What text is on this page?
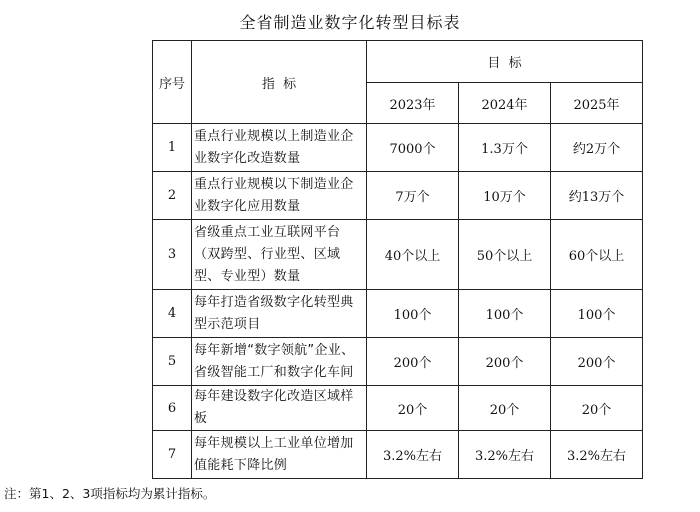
全省制造业数字化转型目标表
序号	指  标	目  标		
		2023年	2024年	2025年
1	重点行业规模以上制造业企业数字化改造数量	7000个	1.3万个	约2万个
2	重点行业规模以下制造业企业数字化应用数量	7万个	10万个	约13万个
3	省级重点工业互联网平台（双跨型、行业型、区域型、专业型）数量	40个以上	50个以上	60个以上
4	每年打造省级数字化转型典型示范项目	100个	100个	100个
5	每年新增“数字领航”企业、省级智能工厂和数字化车间	200个	200个	200个
6	每年建设数字化改造区域样板	20个	20个	20个
7	每年规模以上工业单位增加值能耗下降比例	3.2%左右	3.2%左右	3.2%左右
注：第1、2、3项指标均为累计指标。
